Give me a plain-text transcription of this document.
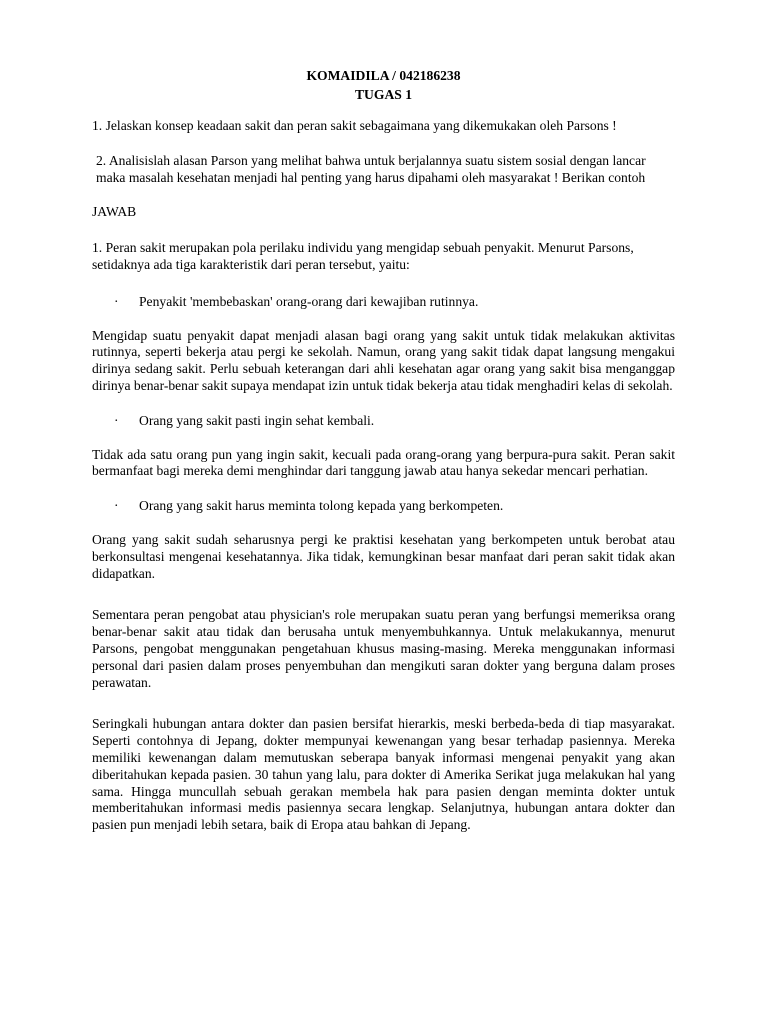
KOMAIDILA / 042186238

TUGAS 1

1. Jelaskan konsep keadaan sakit dan peran sakit sebagaimana yang dikemukakan oleh Parsons !

2. Analisislah alasan Parson yang melihat bahwa untuk berjalannya suatu sistem sosial dengan lancar maka masalah kesehatan menjadi hal penting yang harus dipahami oleh masyarakat ! Berikan contoh

JAWAB

1. Peran sakit merupakan pola perilaku individu yang mengidap sebuah penyakit. Menurut Parsons, setidaknya ada tiga karakteristik dari peran tersebut, yaitu:

· Penyakit 'membebaskan' orang-orang dari kewajiban rutinnya.

Mengidap suatu penyakit dapat menjadi alasan bagi orang yang sakit untuk tidak melakukan aktivitas rutinnya, seperti bekerja atau pergi ke sekolah. Namun, orang yang sakit tidak dapat langsung mengakui dirinya sedang sakit. Perlu sebuah keterangan dari ahli kesehatan agar orang yang sakit bisa menganggap dirinya benar-benar sakit supaya mendapat izin untuk tidak bekerja atau tidak menghadiri kelas di sekolah.

· Orang yang sakit pasti ingin sehat kembali.

Tidak ada satu orang pun yang ingin sakit, kecuali pada orang-orang yang berpura-pura sakit. Peran sakit bermanfaat bagi mereka demi menghindar dari tanggung jawab atau hanya sekedar mencari perhatian.

· Orang yang sakit harus meminta tolong kepada yang berkompeten.

Orang yang sakit sudah seharusnya pergi ke praktisi kesehatan yang berkompeten untuk berobat atau berkonsultasi mengenai kesehatannya. Jika tidak, kemungkinan besar manfaat dari peran sakit tidak akan didapatkan.

Sementara peran pengobat atau physician's role merupakan suatu peran yang berfungsi memeriksa orang benar-benar sakit atau tidak dan berusaha untuk menyembuhkannya. Untuk melakukannya, menurut Parsons, pengobat menggunakan pengetahuan khusus masing-masing. Mereka menggunakan informasi personal dari pasien dalam proses penyembuhan dan mengikuti saran dokter yang berguna dalam proses perawatan.

Seringkali hubungan antara dokter dan pasien bersifat hierarkis, meski berbeda-beda di tiap masyarakat. Seperti contohnya di Jepang, dokter mempunyai kewenangan yang besar terhadap pasiennya. Mereka memiliki kewenangan dalam memutuskan seberapa banyak informasi mengenai penyakit yang akan diberitahukan kepada pasien. 30 tahun yang lalu, para dokter di Amerika Serikat juga melakukan hal yang sama. Hingga muncullah sebuah gerakan membela hak para pasien dengan meminta dokter untuk memberitahukan informasi medis pasiennya secara lengkap. Selanjutnya, hubungan antara dokter dan pasien pun menjadi lebih setara, baik di Eropa atau bahkan di Jepang.
